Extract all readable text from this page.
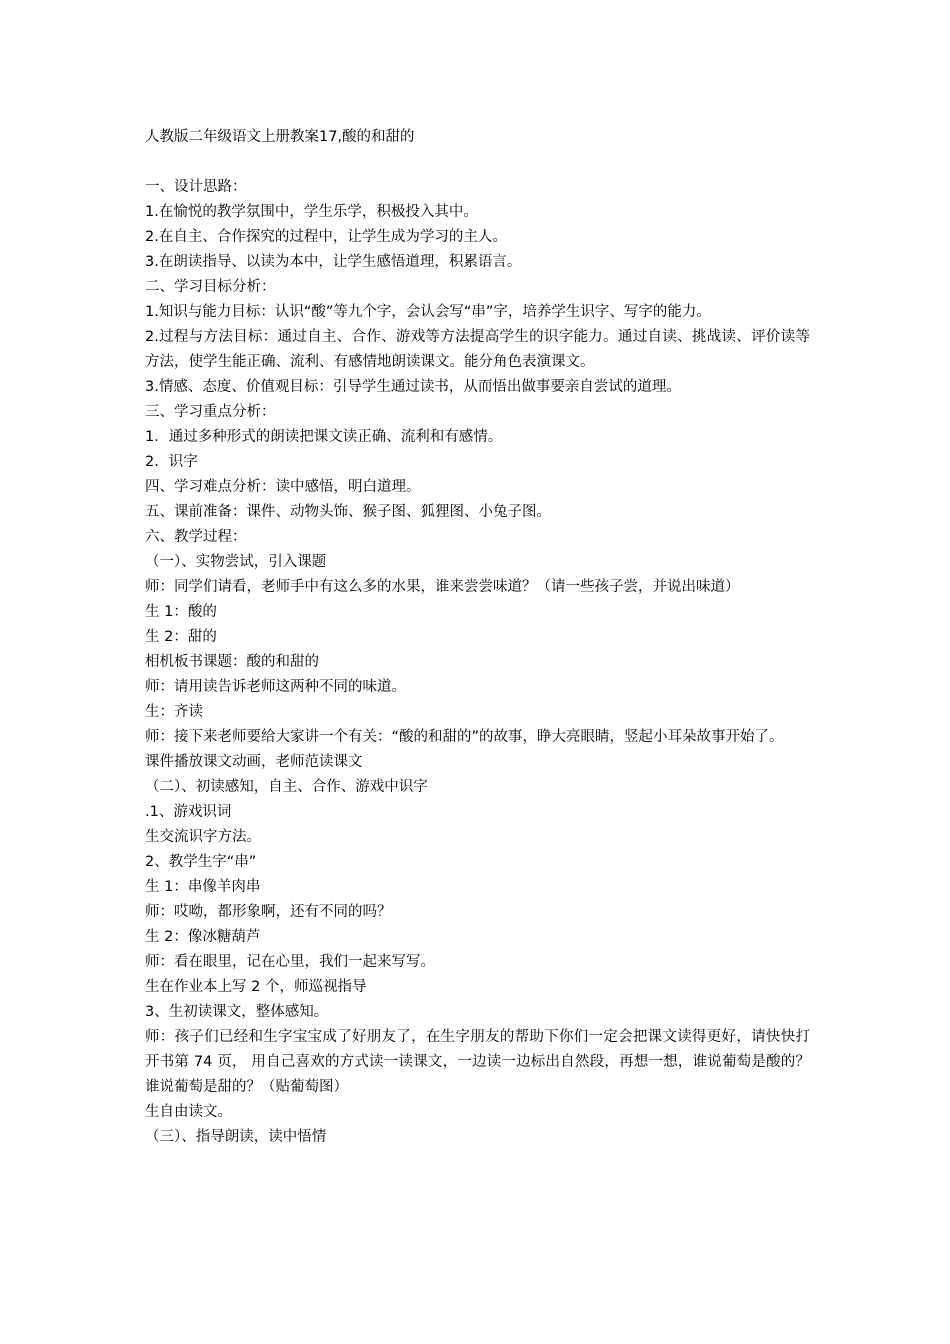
人教版二年级语文上册教案17,酸的和甜的

一、设计思路：

1.在愉悦的教学氛围中，学生乐学，积极投入其中。

2.在自主、合作探究的过程中，让学生成为学习的主人。

3.在朗读指导、以读为本中，让学生感悟道理，积累语言。

二、学习目标分析：

1.知识与能力目标：认识“酸”等九个字，会认会写“串”字，培养学生识字、写字的能力。

2.过程与方法目标：通过自主、合作、游戏等方法提高学生的识字能力。通过自读、挑战读、评价读等方法，使学生能正确、流利、有感情地朗读课文。能分角色表演课文。

3.情感、态度、价值观目标：引导学生通过读书，从而悟出做事要亲自尝试的道理。

三、学习重点分析：

1．通过多种形式的朗读把课文读正确、流利和有感情。

2．识字

四、学习难点分析：读中感悟，明白道理。

五、课前准备：课件、动物头饰、猴子图、狐狸图、小兔子图。

六、教学过程：

（一）、实物尝试，引入课题

师：同学们请看，老师手中有这么多的水果，谁来尝尝味道？（请一些孩子尝，并说出味道）

生 1：酸的

生 2：甜的

相机板书课题：酸的和甜的

师：请用读告诉老师这两种不同的味道。

生：齐读

师：接下来老师要给大家讲一个有关：“酸的和甜的”的故事，睁大亮眼睛，竖起小耳朵故事开始了。

课件播放课文动画，老师范读课文

（二）、初读感知，自主、合作、游戏中识字

.1、游戏识词

生交流识字方法。

2、教学生字“串”

生 1：串像羊肉串

师：哎呦，都形象啊，还有不同的吗？

生 2：像冰糖葫芦

师：看在眼里，记在心里，我们一起来写写。

生在作业本上写 2 个，师巡视指导

3、生初读课文，整体感知。

师：孩子们已经和生字宝宝成了好朋友了，在生字朋友的帮助下你们一定会把课文读得更好，请快快打开书第 74 页， 用自己喜欢的方式读一读课文，一边读一边标出自然段，再想一想，谁说葡萄是酸的？谁说葡萄是甜的？（贴葡萄图）

生自由读文。

（三）、指导朗读，读中悟情
